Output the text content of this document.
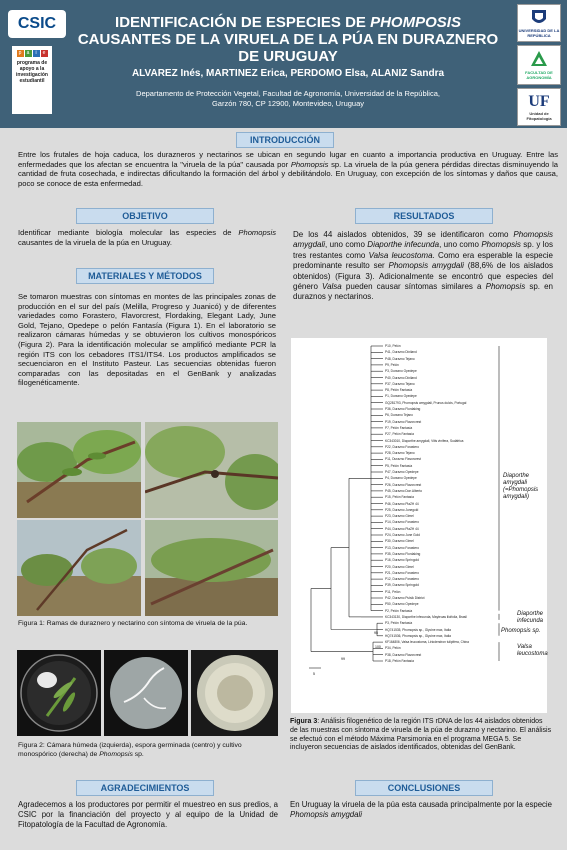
CSIC
p	a	i	e
programa de apoyo a la investigación estudiantil
IDENTIFICACIÓN DE ESPECIES DE PHOMPOSIS CAUSANTES DE LA VIRUELA DE LA PÚA EN DURAZNERO DE URUGUAY
ALVAREZ Inés, MARTINEZ Erica, PERDOMO Elsa, ALANIZ Sandra
Departamento de Protección Vegetal, Facultad de Agronomía, Universidad de la República,
Garzón 780, CP 12900, Montevideo, Uruguay
UNIVERSIDAD DE LA REPÚBLICA
FACULTAD DE AGRONOMÍA
UF
Unidad de Fitopatología
INTRODUCCIÓN
Entre los frutales de hoja caduca, los durazneros y nectarinos se ubican en segundo lugar en cuanto a importancia productiva en Uruguay. Entre las enfermedades que los afectan se encuentra la "viruela de la púa" causada por Phomopsis sp. La viruela de la púa genera pérdidas directas disminuyendo la cantidad de fruta cosechada, e indirectas dificultando la formación del árbol y debilitándolo. En Uruguay, con excepción de los síntomas y daños que causa, poco se conoce de esta enfermedad.
OBJETIVO
Identificar mediante biología molecular las especies de Phomopsis causantes de la viruela de la púa en Uruguay.
MATERIALES Y MÉTODOS
Se tomaron muestras con síntomas en montes de las principales zonas de producción en el sur del país (Melilla, Progreso y Juanicó) y de diferentes variedades como Forastero, Flavorcrest, Flordaking, Elegant Lady, June Gold, Tejano, Opedepe o pelón Fantasía (Figura 1). En el laboratorio se realizaron cámaras húmedas y se obtuvieron los cultivos monospóricos (Figura 2). Para la identificación molecular se amplificó mediante PCR la región ITS con los cebadores ITS1/ITS4. Los productos amplificados se secuenciaron en el Instituto Pasteur. Las secuencias obtenidas fueron comparadas con las depositadas en el GenBank y analizadas filogenéticamente.
Figura 1: Ramas de duraznero y nectarino con síntoma de viruela de la púa.
Figura 2: Cámara húmeda (izquierda), espora germinada (centro) y cultivo monospórico (derecha) de Phomopsis sp.
RESULTADOS
De los 44 aislados obtenidos, 39 se identificaron como Phomopsis amygdali, uno como Diaporthe infecunda, uno como Phomopsis sp. y los tres restantes como Valsa leucostoma. Como era esperable la especie predominante resulto ser Phomopsis amygdali (88,6% de los aislados obtenidos) (Figura 3). Adicionalmente se encontró que especies del género Valsa pueden causar síntomas similares a Phomopsis sp. en duraznos y nectarinos.
P10, Pelón
P41, Durazno Dixiland
P48, Durazno Tejano
P9, Pelón
P3, Durazno Opedepe
P40, Durazno Dixiland
P37, Durazno Tejano
P8, Pelón Fantasía
P1, Durazno Opedepe
GQ281793, Phomopsis amygdali, Prunus dulcis, Portugal
P36, Durazno Flordaking
P6, Durazno Tejano
P19, Durazno Flavorcrest
P7, Pelón Fantasía
P27, Pelón Fantasía
KC343010, Diaporthe amygdali, Vitis vinifera, Sudáfrica
P22, Durazno Forastero
P28, Durazno Tejano
P11, Durazno Flavorcrest
P5, Pelón Fantasía
P47, Durazno Opedepe
P4, Durazno Opedepe
P26, Durazno Flavorcrest
P45, Durazno Don Alberto
P15, Pelón Fantasía
P46, Durazno PlaZH 44
P25, Durazno Junegold
P23, Durazno Gimel
P14, Durazno Forastero
P44, Durazno PlaZH 44
P24, Durazno June Gold
P30, Durazno Gimel
P13, Durazno Forastero
P35, Durazno Flordaking
P16, Durazno Springold
P20, Durazno Gimel
P21, Durazno Forastero
P12, Durazno Forastero
P39, Durazno Springold
P11, Pelón
P42, Durazno Pulsik District
P50, Durazno Opedepe
P2, Pelón Fantasía
KC343130, Diaporthe infecunda, Mayteuas ilicifolia, Brasil
P3, Pelón Fantasía
HQ741535, Phomopsis sp., Glycine max, Italia
HQ741536, Phomopsis sp., Glycine max, Italia
KF164806, Valsa leucostoma, Liriodendron tulipifera, China
P34, Pelón
P38, Durazno Flavorcrest
P18, Pelón Fantasía
Diaporthe amygdali
(=Phomopsis amygdali)
Diaporthe
infecunda
Phomopsis sp.
Valsa
leucostoma
99
95
100
5
Figura 3: Análisis filogenético de la región ITS rDNA de los 44 aislados obtenidos de las muestras con síntoma de viruela de la púa de durazno y nectarino. El análisis se efectuó con el método Máxima Parsimonia en el programa MEGA 5. Se incluyeron secuencias de aislados identificados, obtenidas del GenBank.
AGRADECIMIENTOS
Agradecemos a los productores por permitir el muestreo en sus predios, a CSIC por la financiación del proyecto y al equipo de la Unidad de Fitopatología de la Facultad de Agronomía.
CONCLUSIONES
En Uruguay la viruela de la púa esta causada principalmente por la especie Phomopsis amygdali
